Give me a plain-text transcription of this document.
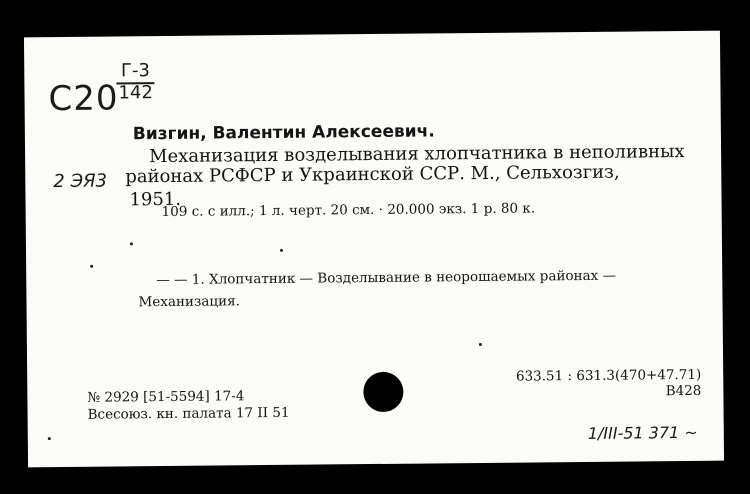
С20
Г-3
142
2 ЭЯ3
Визгин, Валентин Алексеевич.
Механизация возделывания хлопчатника в неполивных
районах РСФСР и Украинской ССР. М., Сельхозгиз,
1951.
109 с. с илл.; 1 л. черт. 20 см. · 20.000 экз. 1 р. 80 к.
— — 1. Хлопчатник — Возделывание в неорошаемых районах —
Механизация.
№ 2929 [51-5594] 17-4
Всесоюз. кн. палата 17 II 51
633.51 : 631.3(470+47.71)
В428
1/III-51 371 ~
